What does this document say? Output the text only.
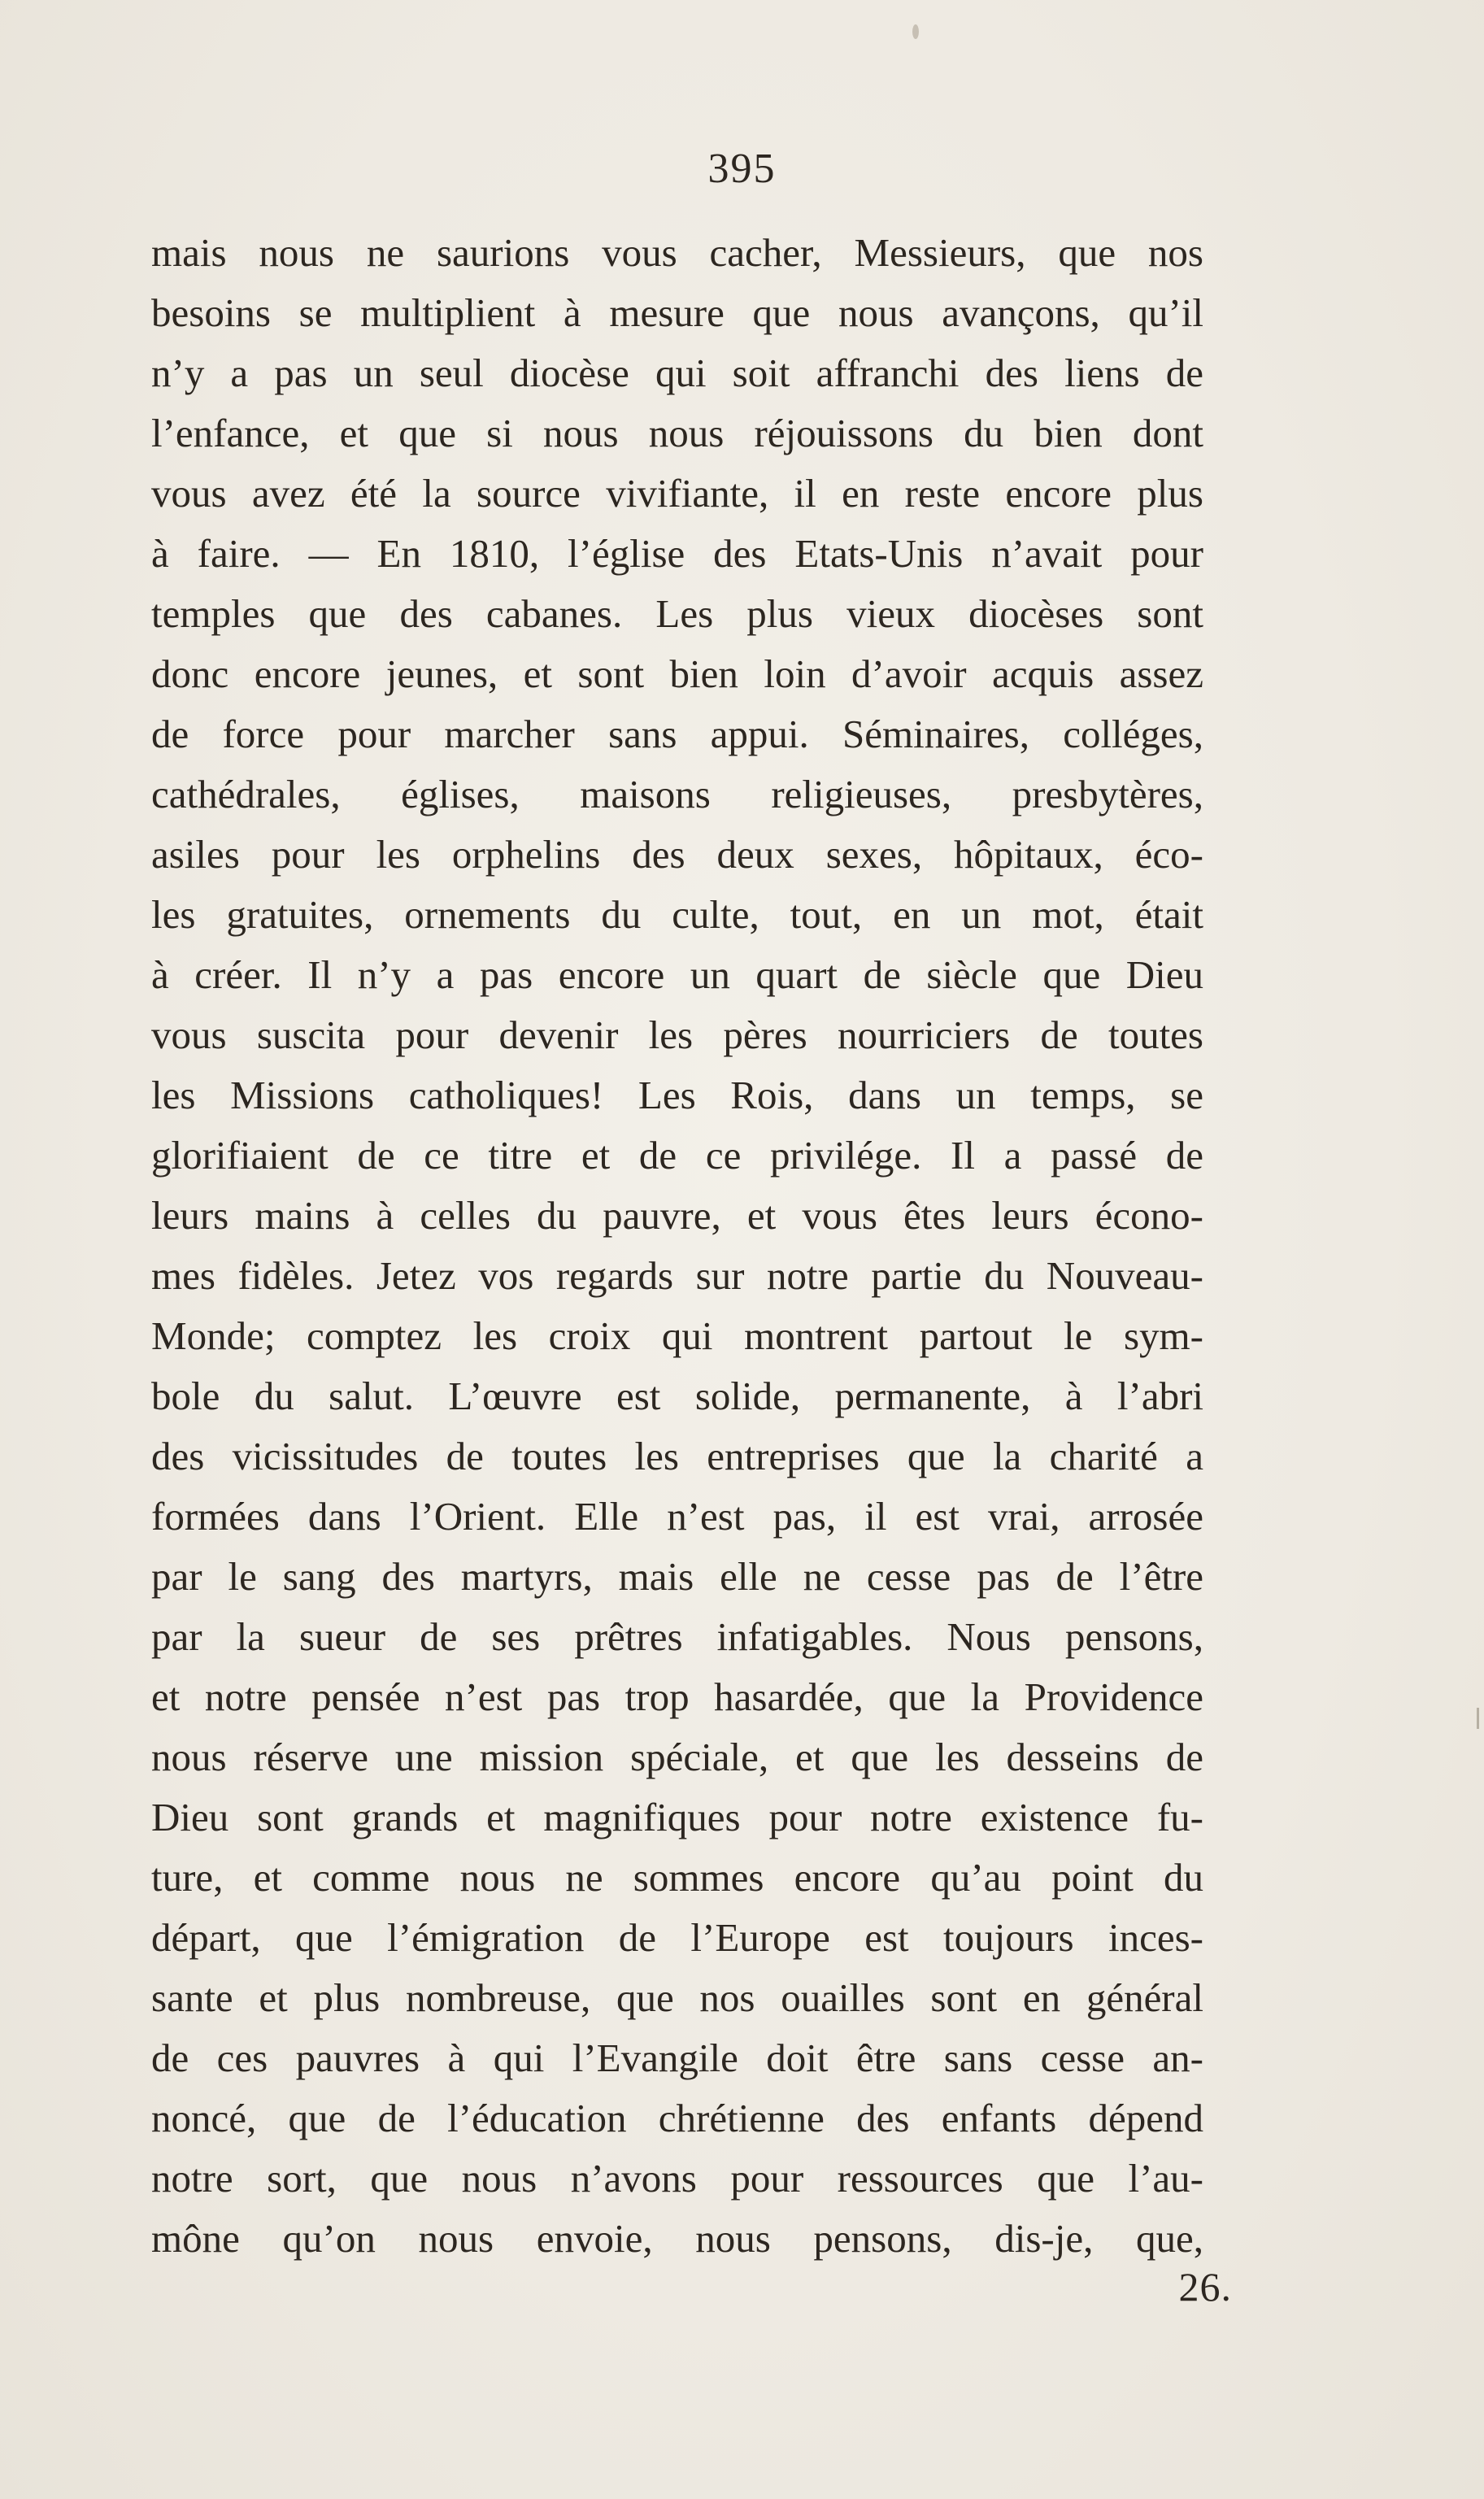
395
mais nous ne saurions vous cacher, Messieurs, que nos
besoins se multiplient à mesure que nous avançons, qu’il
n’y a pas un seul diocèse qui soit affranchi des liens de
l’enfance, et que si nous nous réjouissons du bien dont
vous avez été la source vivifiante, il en reste encore plus
à faire. — En 1810, l’église des Etats-Unis n’avait pour
temples que des cabanes. Les plus vieux diocèses sont
donc encore jeunes, et sont bien loin d’avoir acquis assez
de force pour marcher sans appui. Séminaires, colléges,
cathédrales, églises, maisons religieuses, presbytères,
asiles pour les orphelins des deux sexes, hôpitaux, éco-
les gratuites, ornements du culte, tout, en un mot, était
à créer. Il n’y a pas encore un quart de siècle que Dieu
vous suscita pour devenir les pères nourriciers de toutes
les Missions catholiques! Les Rois, dans un temps, se
glorifiaient de ce titre et de ce privilége. Il a passé de
leurs mains à celles du pauvre, et vous êtes leurs écono-
mes fidèles. Jetez vos regards sur notre partie du Nouveau-
Monde; comptez les croix qui montrent partout le sym-
bole du salut. L’œuvre est solide, permanente, à l’abri
des vicissitudes de toutes les entreprises que la charité a
formées dans l’Orient. Elle n’est pas, il est vrai, arrosée
par le sang des martyrs, mais elle ne cesse pas de l’être
par la sueur de ses prêtres infatigables. Nous pensons,
et notre pensée n’est pas trop hasardée, que la Providence
nous réserve une mission spéciale, et que les desseins de
Dieu sont grands et magnifiques pour notre existence fu-
ture, et comme nous ne sommes encore qu’au point du
départ, que l’émigration de l’Europe est toujours inces-
sante et plus nombreuse, que nos ouailles sont en général
de ces pauvres à qui l’Evangile doit être sans cesse an-
noncé, que de l’éducation chrétienne des enfants dépend
notre sort, que nous n’avons pour ressources que l’au-
mône qu’on nous envoie, nous pensons, dis-je, que,
26.
